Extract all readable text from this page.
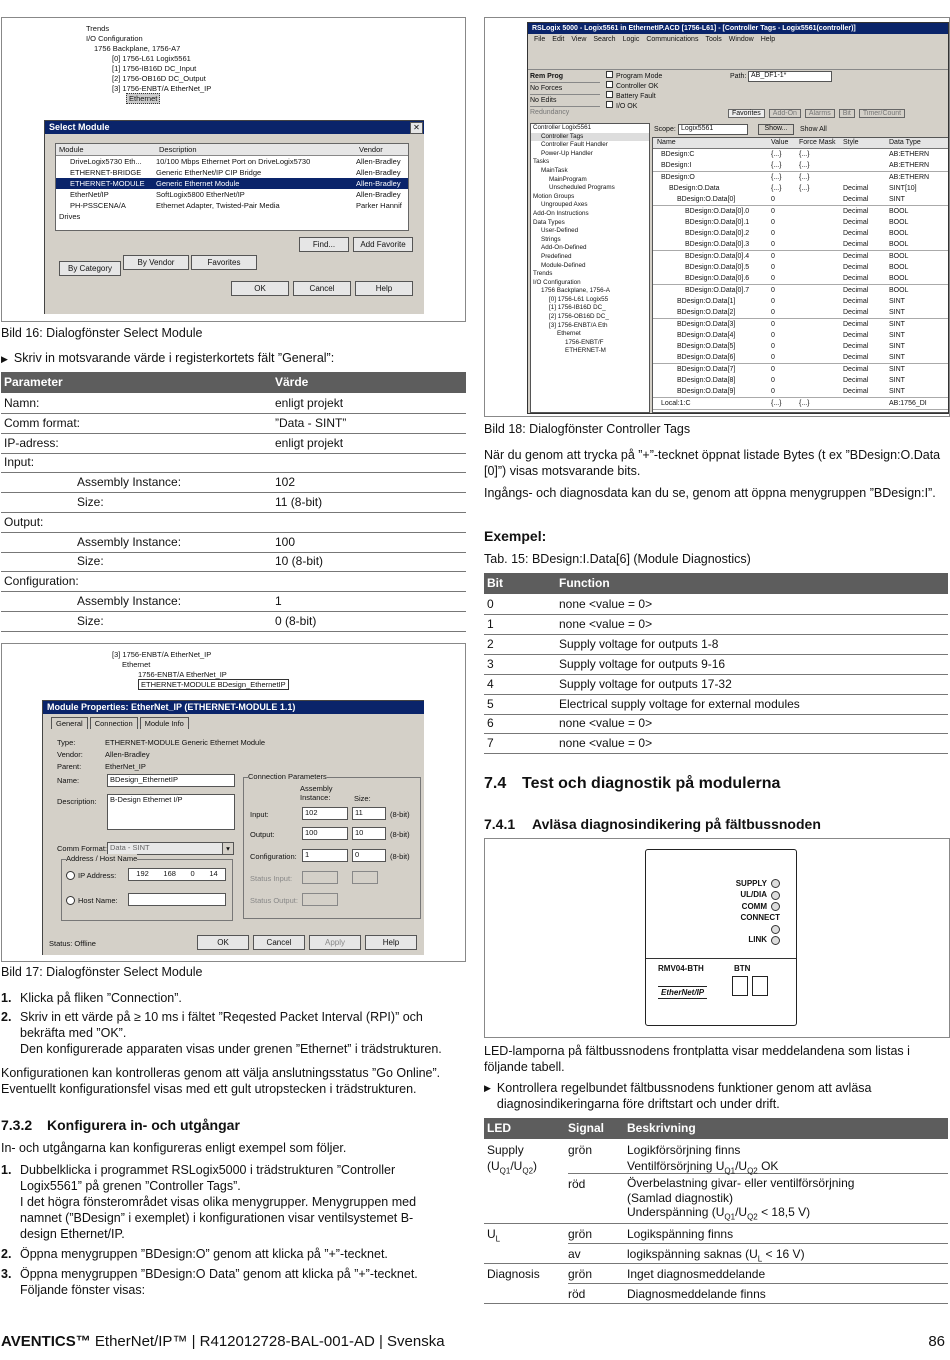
Trends
I/O Configuration
1756 Backplane, 1756-A7
[0] 1756-L61 Logix5561
[1] 1756-IB16D DC_Input
[2] 1756-OB16D DC_Output
[3] 1756-ENBT/A EtherNet_IP
Ethernet
Select Module	✕
Module	Description	Vendor
DriveLogix5730 Eth...	10/100 Mbps Ethernet Port on DriveLogix5730	Allen-Bradley
ETHERNET-BRIDGE	Generic EtherNet/IP CIP Bridge	Allen-Bradley
ETHERNET-MODULE	Generic Ethernet Module	Allen-Bradley
EtherNet/IP	SoftLogix5800 EtherNet/IP	Allen-Bradley
PH-PSSCENA/A	Ethernet Adapter, Twisted-Pair Media	Parker Hannif
Drives
Find...	Add Favorite
By Category
By Vendor	Favorites
OK	Cancel	Help
Bild 16: Dialogfönster Select Module
▶ Skriv in motsvarande värde i registerkortets fält ”General”:
Parameter	Värde
Namn:	enligt projekt
Comm format:	”Data - SINT”
IP-adress:	enligt projekt
Input:
Assembly Instance:	102
Size:	11 (8-bit)
Output:
Assembly Instance:	100
Size:	10 (8-bit)
Configuration:
Assembly Instance:	1
Size:	0 (8-bit)
[3] 1756-ENBT/A EtherNet_IP
Ethernet
1756-ENBT/A EtherNet_IP
ETHERNET-MODULE BDesign_EthernetIP
Module Properties: EtherNet_IP (ETHERNET-MODULE 1.1)
General	Connection	Module Info
Type:	ETHERNET-MODULE Generic Ethernet Module
Vendor:	Allen-Bradley
Parent:	EtherNet_IP
Name:	BDesign_EthernetIP
Description:	B-Design Ethernet I/P
Comm Format: Data - SINT	▾
Address / Host Name
IP Address:	192 168 0 14
Host Name:
Connection Parameters
Assembly Instance:	Size:
Input:	102	11	(8-bit)
Output:	100	10	(8-bit)
Configuration:	1	0	(8-bit)
Status Input:
Status Output:
Status: Offline	OK	Cancel	Apply	Help
Bild 17: Dialogfönster Select Module
1. Klicka på fliken ”Connection”.
2. Skriv in ett värde på ≥ 10 ms i fältet ”Reqested Packet Interval (RPI)” och bekräfta med ”OK”.
Den konfigurerade apparaten visas under grenen ”Ethernet” i trädstrukturen.
Konfigurationen kan kontrolleras genom att välja anslutningsstatus ”Go Online”. Eventuellt konfigurationsfel visas med ett gult utropstecken i trädstrukturen.
7.3.2 Konfigurera in- och utgångar
In- och utgångarna kan konfigureras enligt exempel som följer.
1. Dubbelklicka i programmet RSLogix5000 i trädstrukturen ”Controller Logix5561” på grenen ”Controller Tags”.
I det högra fönsterområdet visas olika menygrupper. Menygruppen med namnet (”BDesign” i exemplet) i konfigurationen visar ventilsystemet B-design Ethernet/IP.
2. Öppna menygruppen ”BDesign:O” genom att klicka på ”+”-tecknet.
3. Öppna menygruppen ”BDesign:O Data” genom att klicka på ”+”-tecknet.
Följande fönster visas:
RSLogix 5000 - Logix5561 in EthernetIP.ACD [1756-L61] - [Controller Tags - Logix5561(controller)]
File Edit View Search Logic Communications Tools Window Help
Rem Prog
No Forces
No Edits
Redundancy
Program Mode
Controller OK
Battery Fault
I/O OK
Path: AB_DF1-1*
Favorites	Add-On	Alarms	Bit	Timer/Count
Controller Logix5561
Controller Tags
Controller Fault Handler
Power-Up Handler
Tasks
MainTask
MainProgram
Unscheduled Programs
Motion Groups
Ungrouped Axes
Add-On Instructions
Data Types
User-Defined
Strings
Add-On-Defined
Predefined
Module-Defined
Trends
I/O Configuration
1756 Backplane, 1756-A
[0] 1756-L61 Logix55
[1] 1756-IB16D DC_
[2] 1756-OB16D DC_
[3] 1756-ENBT/A Eth
Ethernet
1756-ENBT/F
ETHERNET-M
Scope: Logix5561	Show...	Show All
Name	Value Force Mask Style	Data Type
BDesign:C	{...} {...}	AB:ETHERN
BDesign:I	{...} {...}	AB:ETHERN
BDesign:O	{...} {...}	AB:ETHERN
BDesign:O.Data	{...} {...}	Decimal	SINT[10]
BDesign:O.Data[0]	0	Decimal	SINT
BDesign:O.Data[0].0	0	Decimal	BOOL
BDesign:O.Data[0].1	0	Decimal	BOOL
BDesign:O.Data[0].2	0	Decimal	BOOL
BDesign:O.Data[0].3	0	Decimal	BOOL
BDesign:O.Data[0].4	0	Decimal	BOOL
BDesign:O.Data[0].5	0	Decimal	BOOL
BDesign:O.Data[0].6	0	Decimal	BOOL
BDesign:O.Data[0].7	0	Decimal	BOOL
BDesign:O.Data[1]	0	Decimal	SINT
BDesign:O.Data[2]	0	Decimal	SINT
BDesign:O.Data[3]	0	Decimal	SINT
BDesign:O.Data[4]	0	Decimal	SINT
BDesign:O.Data[5]	0	Decimal	SINT
BDesign:O.Data[6]	0	Decimal	SINT
BDesign:O.Data[7]	0	Decimal	SINT
BDesign:O.Data[8]	0	Decimal	SINT
BDesign:O.Data[9]	0	Decimal	SINT
Local:1:C	{...} {...}	AB:1756_DI
Bild 18: Dialogfönster Controller Tags
När du genom att trycka på ”+”-tecknet öppnat listade Bytes (t ex ”BDesign:O.Data [0]”) visas motsvarande bits.
Ingångs- och diagnosdata kan du se, genom att öppna menygruppen ”BDesign:I”.
Exempel:
Tab. 15: BDesign:I.Data[6] (Module Diagnostics)
Bit	Function
0	none <value = 0>
1	none <value = 0>
2	Supply voltage for outputs 1-8
3	Supply voltage for outputs 9-16
4	Supply voltage for outputs 17-32
5	Electrical supply voltage for external modules
6	none <value = 0>
7	none <value = 0>
7.4 Test och diagnostik på modulerna
7.4.1 Avläsa diagnosindikering på fältbussnoden
SUPPLY
UL/DIA
COMM
CONNECT
LINK
RMV04-BTH	BTN
EtherNet/IP
LED-lamporna på fältbussnodens frontplatta visar meddelandena som listas i följande tabell.
▶ Kontrollera regelbundet fältbussnodens funktioner genom att avläsa diagnosindikeringarna före driftstart och under drift.
LED	Signal Beskrivning
Supply
$(U_{Q1}/U_{Q2})$
grön	Logikförsörjning finns
Ventilförsörjning $U_{Q1}/U_{Q2}$ OK
röd	Överbelastning givar- eller ventilförsörjning
(Samlad diagnostik)
Underspänning ($U_{Q1}/U_{Q2} < 18,5$ V)
$U_L$	grön	Logikspänning finns
av	logikspänning saknas ($U_L < 16$ V)
Diagnosis grön	Inget diagnosmeddelande
röd	Diagnosmeddelande finns
AVENTICS™ EtherNet/IP™ | R412012728-BAL-001-AD | Svenska	86
